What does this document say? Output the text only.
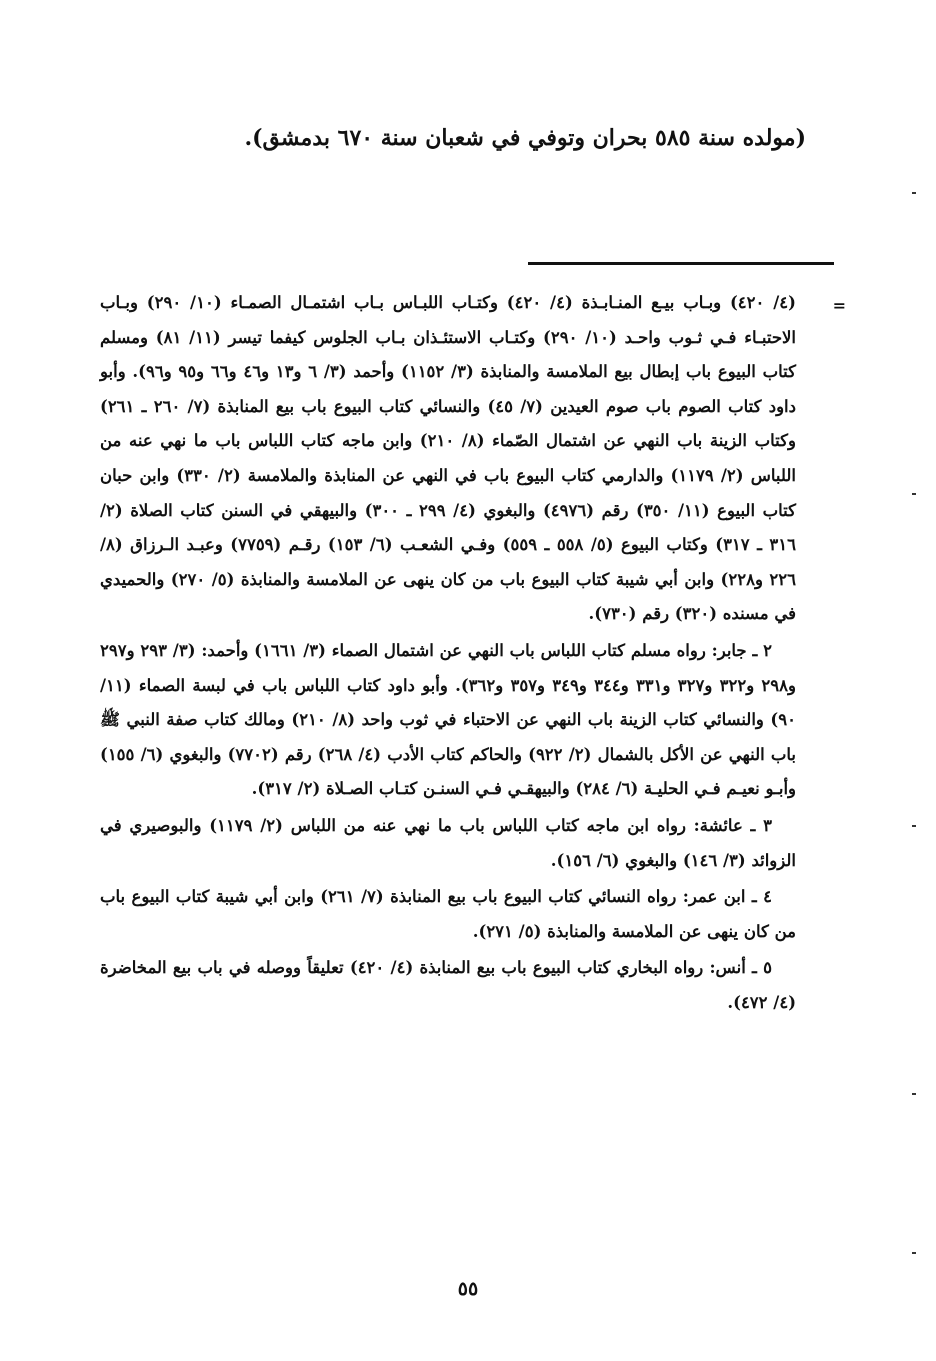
(مولده سنة ٥٨٥ بحران وتوفي في شعبان سنة ٦٧٠ بدمشق).
=

(٤/ ٤٢٠) وبـاب بيـع المنـابـذة (٤/ ٤٢٠) وكتـاب اللبـاس بـاب اشتمـال الصمـاء (١٠/ ٢٩٠) وبـاب الاحتبـاء فـي ثـوب واحـد (١٠/ ٢٩٠) وكتـاب الاستئـذان بـاب الجلوس كيفما تيسر (١١/ ٨١) ومسلم كتاب البيوع باب إبطال بيع الملامسة والمنابذة (٣/ ١١٥٢) وأحمد (٣/ ٦ و١٣ و٤٦ و٦٦ و٩٥ و٩٦). وأبو داود كتاب الصوم باب صوم العيدين (٧/ ٤٥) والنسائي كتاب البيوع باب بيع المنابذة (٧/ ٢٦٠ ـ ٢٦١) وكتاب الزينة باب النهي عن اشتمال الصّماء (٨/ ٢١٠) وابن ماجه كتاب اللباس باب ما نهي عنه من اللباس (٢/ ١١٧٩) والدارمي كتاب البيوع باب في النهي عن المنابذة والملامسة (٢/ ٣٣٠) وابن حبان كتاب البيوع (١١/ ٣٥٠) رقم (٤٩٧٦) والبغوي (٤/ ٢٩٩ ـ ٣٠٠) والبيهقي في السنن كتاب الصلاة (٢/ ٣١٦ ـ ٣١٧) وكتاب البيوع (٥/ ٥٥٨ ـ ٥٥٩) وفـي الشعـب (٦/ ١٥٣) رقـم (٧٧٥٩) وعبـد الـرزاق (٨/ ٢٢٦ و٢٢٨) وابن أبي شيبة كتاب البيوع باب من كان ينهى عن الملامسة والمنابذة (٥/ ٢٧٠) والحميدي في مسنده (٣٢٠) رقم (٧٣٠).

٢ ـ جابر: رواه مسلم كتاب اللباس باب النهي عن اشتمال الصماء (٣/ ١٦٦١) وأحمد: (٣/ ٢٩٣ و٢٩٧ و٢٩٨ و٣٢٢ و٣٢٧ و٣٣١ و٣٤٤ و٣٤٩ و٣٥٧ و٣٦٢). وأبو داود كتاب اللباس باب في لبسة الصماء (١١/ ٩٠) والنسائي كتاب الزينة باب النهي عن الاحتباء في ثوب واحد (٨/ ٢١٠) ومالك كتاب صفة النبي ﷺ باب النهي عن الأكل بالشمال (٢/ ٩٢٢) والحاكم كتاب الأدب (٤/ ٢٦٨) رقم (٧٧٠٢) والبغوي (٦/ ١٥٥) وأبـو نعيـم فـي الحليـة (٦/ ٢٨٤) والبيهقـي فـي السنـن كتـاب الصـلاة (٢/ ٣١٧).

٣ ـ عائشة: رواه ابن ماجه كتاب اللباس باب ما نهي عنه من اللباس (٢/ ١١٧٩) والبوصيري في الزوائد (٣/ ١٤٦) والبغوي (٦/ ١٥٦).

٤ ـ ابن عمر: رواه النسائي كتاب البيوع باب بيع المنابذة (٧/ ٢٦١) وابن أبي شيبة كتاب البيوع باب من كان ينهى عن الملامسة والمنابذة (٥/ ٢٧١).

٥ ـ أنس: رواه البخاري كتاب البيوع باب بيع المنابذة (٤/ ٤٢٠) تعليقاً ووصله في باب بيع المخاضرة (٤/ ٤٧٢).

٥٥
